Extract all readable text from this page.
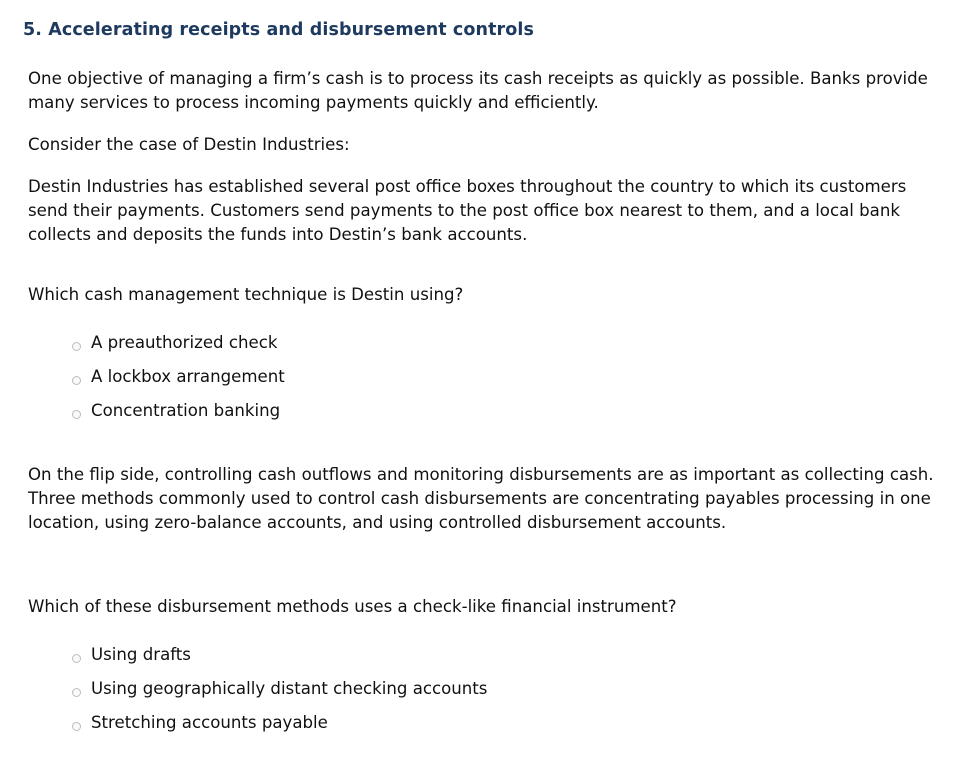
5. Accelerating receipts and disbursement controls

One objective of managing a firm’s cash is to process its cash receipts as quickly as possible. Banks provide many services to process incoming payments quickly and efficiently.

Consider the case of Destin Industries:

Destin Industries has established several post office boxes throughout the country to which its customers send their payments. Customers send payments to the post office box nearest to them, and a local bank collects and deposits the funds into Destin’s bank accounts.

Which cash management technique is Destin using?

A preauthorized check
A lockbox arrangement
Concentration banking

On the flip side, controlling cash outflows and monitoring disbursements are as important as collecting cash. Three methods commonly used to control cash disbursements are concentrating payables processing in one location, using zero-balance accounts, and using controlled disbursement accounts.

Which of these disbursement methods uses a check-like financial instrument?

Using drafts
Using geographically distant checking accounts
Stretching accounts payable
